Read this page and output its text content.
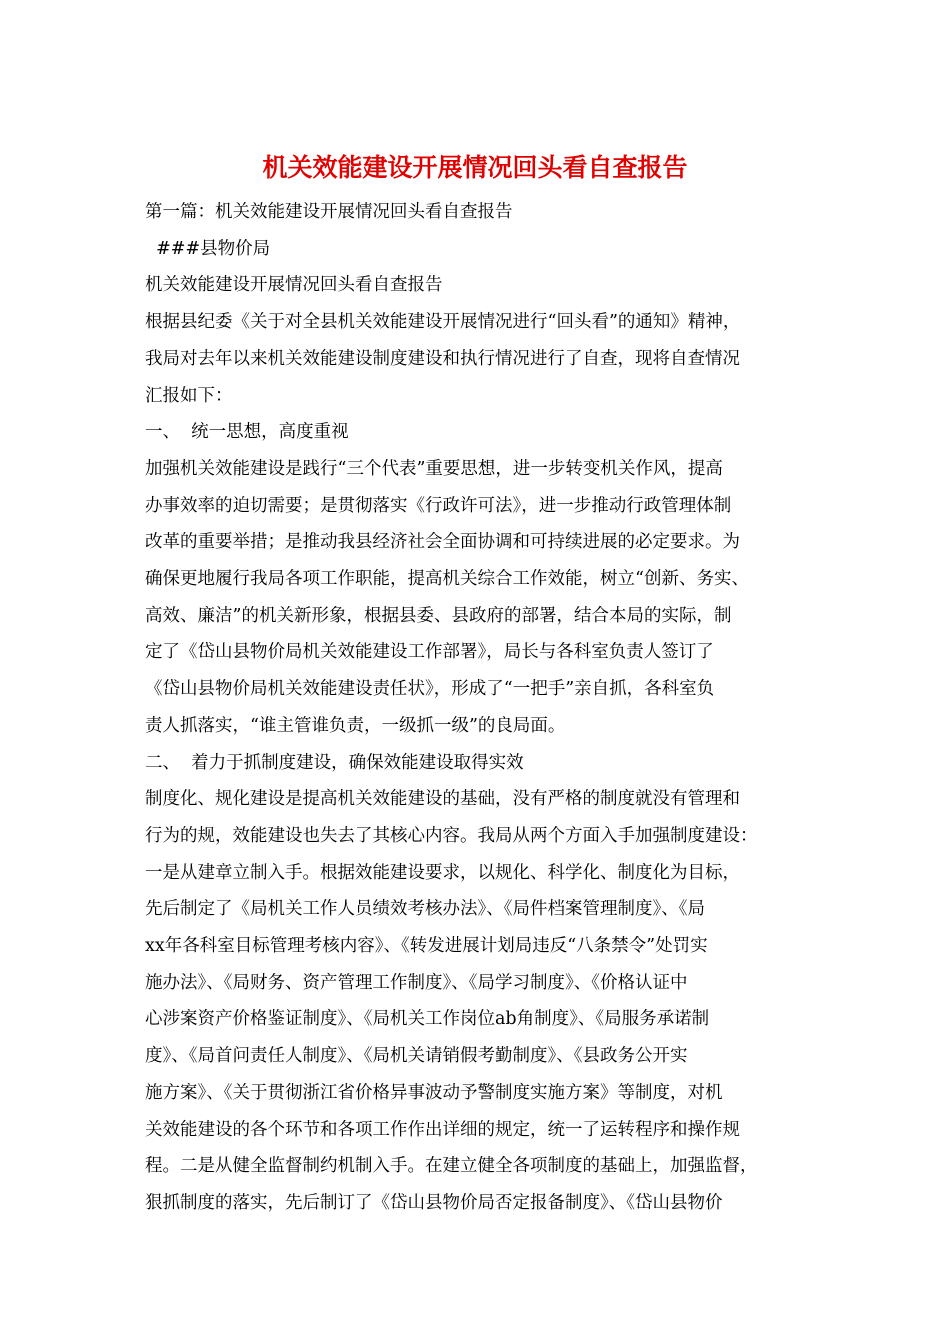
机关效能建设开展情况回头看自查报告
第一篇：机关效能建设开展情况回头看自查报告
###县物价局
机关效能建设开展情况回头看自查报告
根据县纪委《关于对全县机关效能建设开展情况进行“回头看”的通知》精神，
我局对去年以来机关效能建设制度建设和执行情况进行了自查，现将自查情况
汇报如下：
一、  统一思想，高度重视
加强机关效能建设是践行“三个代表”重要思想，进一步转变机关作风，提高
办事效率的迫切需要；是贯彻落实《行政许可法》，进一步推动行政管理体制
改革的重要举措；是推动我县经济社会全面协调和可持续进展的必定要求。为
确保更地履行我局各项工作职能，提高机关综合工作效能，树立“创新、务实、
高效、廉洁”的机关新形象，根据县委、县政府的部署，结合本局的实际，制
定了《岱山县物价局机关效能建设工作部署》，局长与各科室负责人签订了
《岱山县物价局机关效能建设责任状》，形成了“一把手”亲自抓，各科室负
责人抓落实，“谁主管谁负责，一级抓一级”的良局面。
二、  着力于抓制度建设，确保效能建设取得实效
制度化、规化建设是提高机关效能建设的基础，没有严格的制度就没有管理和
行为的规，效能建设也失去了其核心内容。我局从两个方面入手加强制度建设：
一是从建章立制入手。根据效能建设要求，以规化、科学化、制度化为目标，
先后制定了《局机关工作人员绩效考核办法》、《局件档案管理制度》、《局
xx年各科室目标管理考核内容》、《转发进展计划局违反“八条禁令”处罚实
施办法》、《局财务、资产管理工作制度》、《局学习制度》、《价格认证中
心涉案资产价格鉴证制度》、《局机关工作岗位ab角制度》、《局服务承诺制
度》、《局首问责任人制度》、《局机关请销假考勤制度》、《县政务公开实
施方案》、《关于贯彻浙江省价格异事波动予警制度实施方案》等制度，对机
关效能建设的各个环节和各项工作作出详细的规定，统一了运转程序和操作规
程。二是从健全监督制约机制入手。在建立健全各项制度的基础上，加强监督，
狠抓制度的落实，先后制订了《岱山县物价局否定报备制度》、《岱山县物价
